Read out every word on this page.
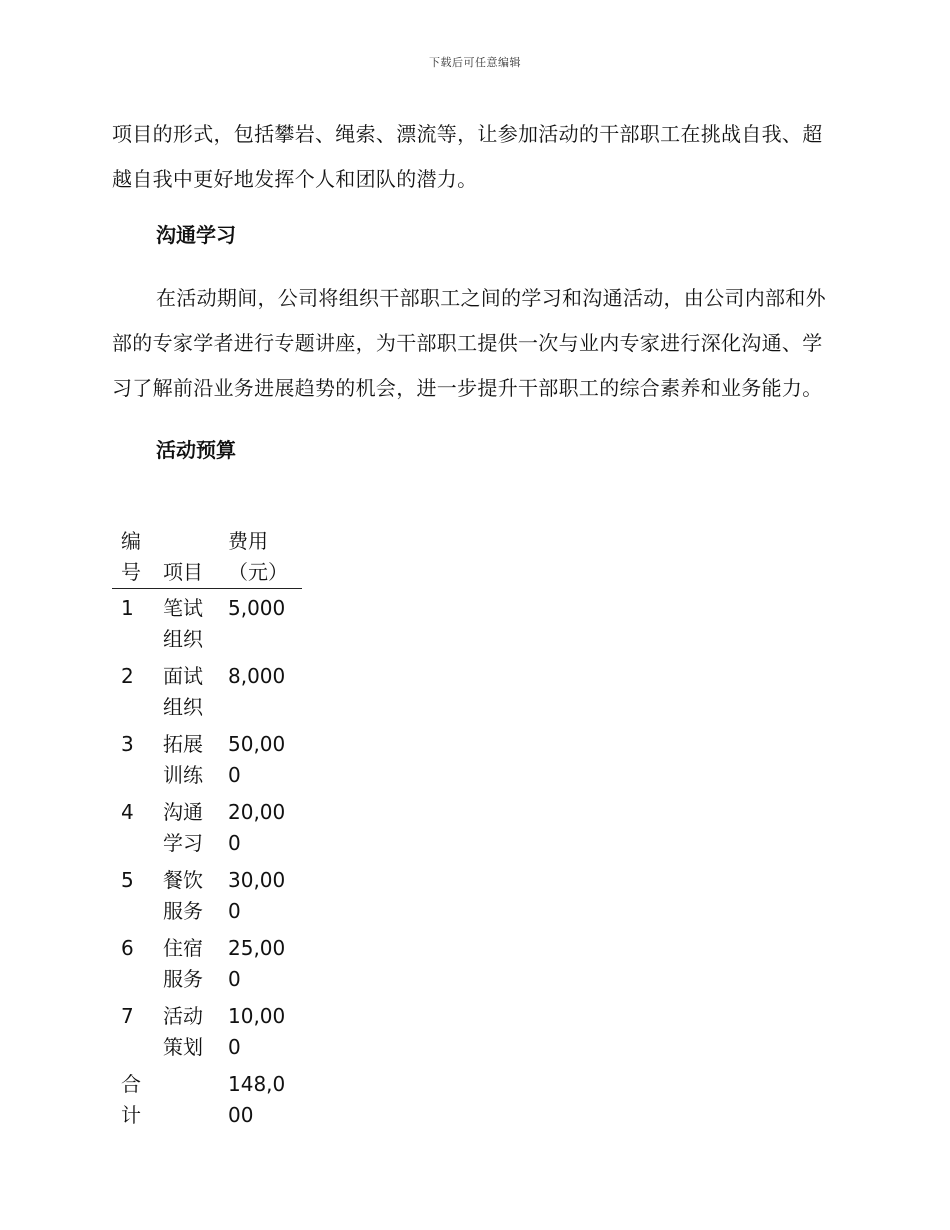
下载后可任意编辑

项目的形式，包括攀岩、绳索、漂流等，让参加活动的干部职工在挑战自我、超越自我中更好地发挥个人和团队的潜力。

沟通学习

在活动期间，公司将组织干部职工之间的学习和沟通活动，由公司内部和外部的专家学者进行专题讲座，为干部职工提供一次与业内专家进行深化沟通、学习了解前沿业务进展趋势的机会，进一步提升干部职工的综合素养和业务能力。

活动预算

编号	项目	费用（元）

1	笔试组织	5,000

2	面试组织	8,000

3	拓展训练	50,000

4	沟通学习	20,000

5	餐饮服务	30,000

6	住宿服务	25,000

7	活动策划	10,000

合计		148,000
